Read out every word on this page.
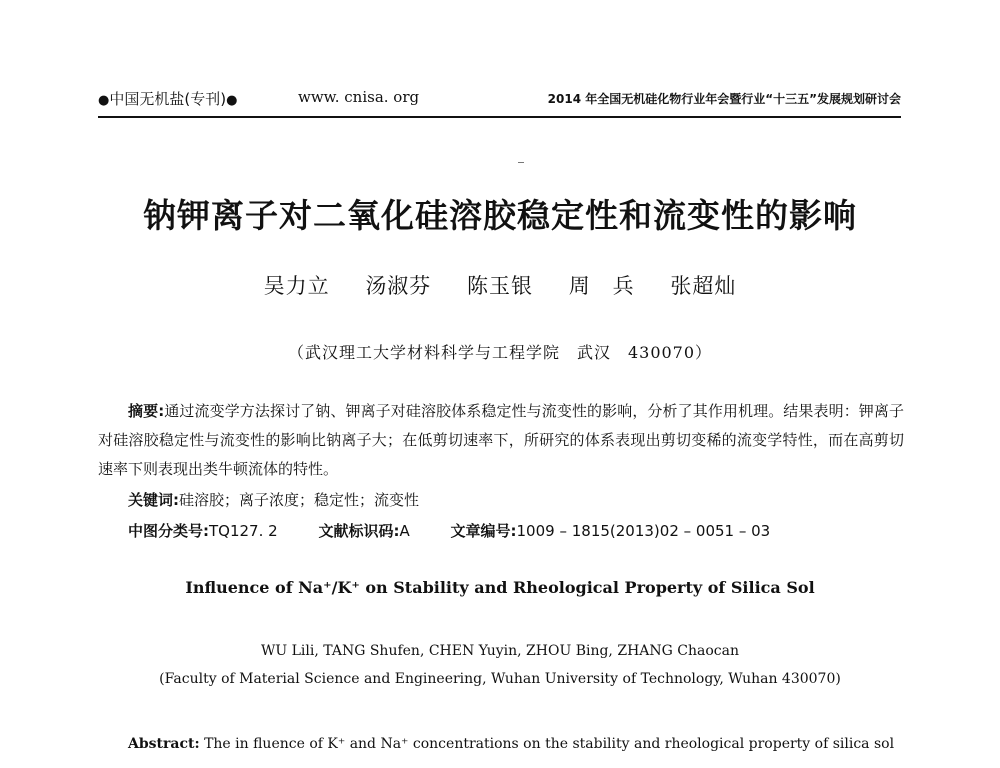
●中国无机盐(专刊)●	www. cnisa. org	2014 年全国无机硅化物行业年会暨行业“十三五”发展规划研讨会
钠钾离子对二氧化硅溶胶稳定性和流变性的影响
吴力立 汤淑芬 陈玉银 周　兵 张超灿
（武汉理工大学材料科学与工程学院　武汉　430070）
摘要:通过流变学方法探讨了钠、钾离子对硅溶胶体系稳定性与流变性的影响，分析了其作用机理。结果表明：钾离子对硅溶胶稳定性与流变性的影响比钠离子大；在低剪切速率下，所研究的体系表现出剪切变稀的流变学特性，而在高剪切速率下则表现出类牛顿流体的特性。
关键词:硅溶胶；离子浓度；稳定性；流变性
中图分类号:TQ127. 2	文献标识码:A	文章编号:1009 – 1815(2013)02 – 0051 – 03
Influence of Na⁺/K⁺ on Stability and Rheological Property of Silica Sol
WU Lili, TANG Shufen, CHEN Yuyin, ZHOU Bing, ZHANG Chaocan
(Faculty of Material Science and Engineering, Wuhan University of Technology, Wuhan 430070)
Abstract: The in fluence of K⁺ and Na⁺ concentrations on the stability and rheological property of silica sol
